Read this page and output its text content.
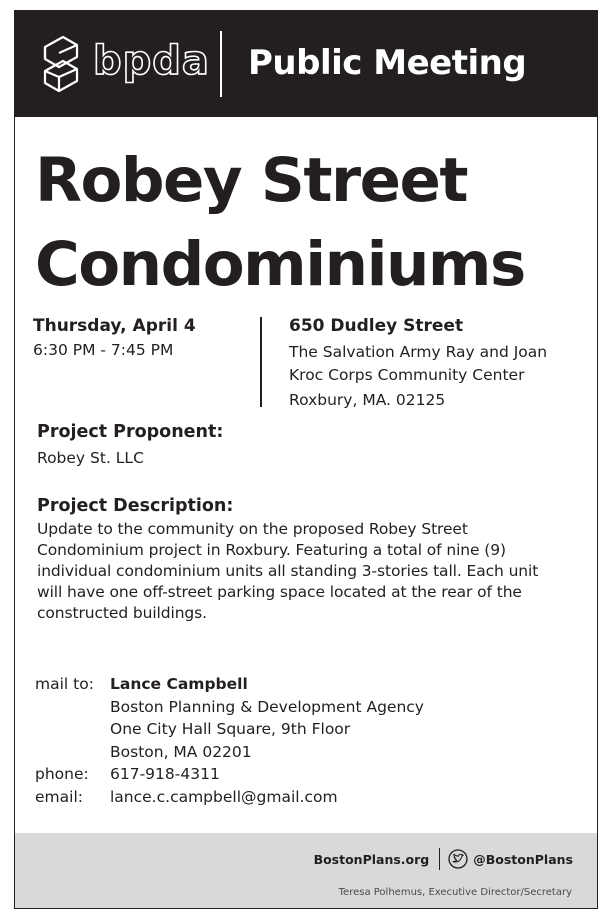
bpda Public Meeting
Robey Street
Condominiums
Thursday, April 4
6:30 PM - 7:45 PM
650 Dudley Street
The Salvation Army Ray and Joan
Kroc Corps Community Center
Roxbury, MA. 02125
Project Proponent:
Robey St. LLC
Project Description:
Update to the community on the proposed Robey Street
Condominium project in Roxbury. Featuring a total of nine (9)
individual condominium units all standing 3-stories tall. Each unit
will have one off-street parking space located at the rear of the
constructed buildings.
mail to:	Lance Campbell
Boston Planning & Development Agency
One City Hall Square, 9th Floor
Boston, MA 02201
phone:	617-918-4311
email:	lance.c.campbell@gmail.com
BostonPlans.org	@BostonPlans
Teresa Polhemus, Executive Director/Secretary
